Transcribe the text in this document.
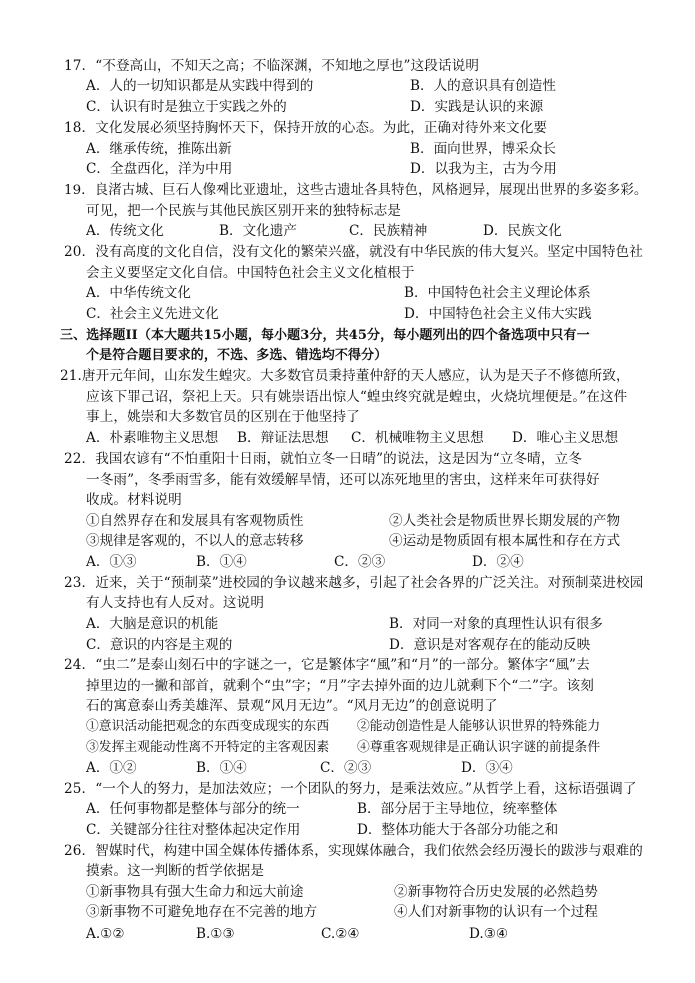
17．“不登高山，不知天之高；不临深渊，不知地之厚也”这段话说明
A．人的一切知识都是从实践中得到的	B．人的意识具有创造性
C．认识有时是独立于实践之外的	D．实践是认识的来源
18．文化发展必须坚持胸怀天下，保持开放的心态。为此，正确对待外来文化要
A．继承传统，推陈出新	B．面向世界，博采众长
C．全盘西化，洋为中用	D．以我为主，古为今用
19．良渚古城、巨石人像째比亚遗址，这些古遗址各具特色，风格迥异，展现出世界的多姿多彩。
可见，把一个民族与其他民族区别开来的独特标志是
A．传统文化	B．文化遗产	C．民族精神	D．民族文化
20．没有高度的文化自信，没有文化的繁荣兴盛，就没有中华民族的伟大复兴。坚定中国特色社
会主义要坚定文化自信。中国特色社会主义文化植根于
A．中华传统文化	B．中国特色社会主义理论体系
C．社会主义先进文化	D．中国特色社会主义伟大实践
三、选择题II（本大题共15小题，每小题3分，共45分，每小题列出的四个备选项中只有一
个是符合题目要求的，不选、多选、错选均不得分）
21.唐开元年间，山东发生蝗灾。大多数官员秉持董仲舒的天人感应，认为是天子不修德所致，
应该下罪己诏，祭祀上天。只有姚崇语出惊人“蝗虫终究就是蝗虫，火烧坑埋便是。”在这件
事上，姚崇和大多数官员的区别在于他坚持了
A．朴素唯物主义思想 B．辩证法思想 C．机械唯物主义思想 D．唯心主义思想
22．我国农谚有“不怕重阳十日雨，就怕立冬一日晴”的说法，这是因为“立冬晴，立冬
一冬雨”，冬季雨雪多，能有效缓解旱情，还可以冻死地里的害虫，这样来年可获得好
收成。材料说明
①自然界存在和发展具有客观物质性	②人类社会是物质世界长期发展的产物
③规律是客观的，不以人的意志转移	④运动是物质固有根本属性和存在方式
A．①③	B．①④	C．②③	D．②④
23．近来，关于“预制菜”进校园的争议越来越多，引起了社会各界的广泛关注。对预制菜进校园
有人支持也有人反对。这说明
A．大脑是意识的机能	B．对同一对象的真理性认识有很多
C．意识的内容是主观的	D．意识是对客观存在的能动反映
24．“虫二”是泰山刻石中的字谜之一，它是繁体字“風”和“月”的一部分。繁体字“風”去
掉里边的一撇和部首，就剩个“虫”字；“月”字去掉外面的边儿就剩下个“二”字。该刻
石的寓意泰山秀美雄浑、景观“风月无边”。“风月无边”的创意说明了
①意识活动能把观念的东西变成现实的东西 ②能动创造性是人能够认识世界的特殊能力
③发挥主观能动性离不开特定的主客观因素 ④尊重客观规律是正确认识字谜的前提条件
A．①②	B．①④	C．②③	D．③④
25．“一个人的努力，是加法效应；一个团队的努力，是乘法效应。”从哲学上看，这标语强调了
A．任何事物都是整体与部分的统一	B．部分居于主导地位，统率整体
C．关键部分往往对整体起决定作用	D．整体功能大于各部分功能之和
26．智媒时代，构建中国全媒体传播体系，实现媒体融合，我们依然会经历漫长的跋涉与艰难的
摸索。这一判断的哲学依据是
①新事物具有强大生命力和远大前途	②新事物符合历史发展的必然趋势
③新事物不可避免地存在不完善的地方	④人们对新事物的认识有一个过程
A.①②	B.①③	C.②④	D.③④
